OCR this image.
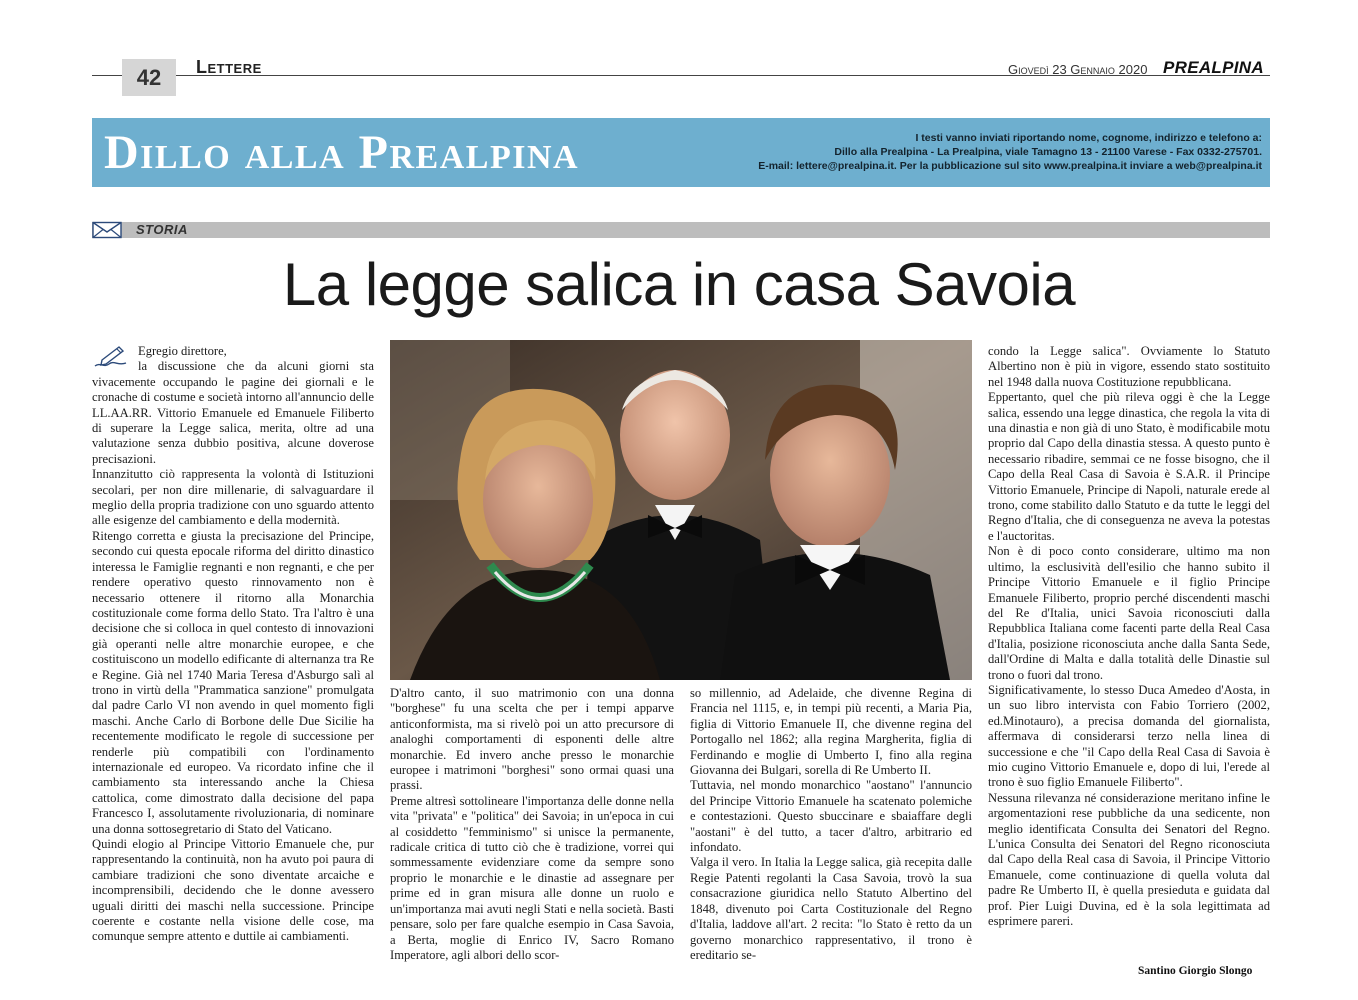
42	Lettere	Giovedì 23 Gennaio 2020 PREALPINA
Dillo alla Prealpina	I testi vanno inviati riportando nome, cognome, indirizzo e telefono a:
Dillo alla Prealpina - La Prealpina, viale Tamagno 13 - 21100 Varese - Fax 0332-275701.
E-mail: lettere@prealpina.it. Per la pubblicazione sul sito www.prealpina.it inviare a web@prealpina.it
STORIA
La legge salica in casa Savoia

Egregio direttore,

la discussione che da alcuni giorni sta vivacemente occupando le pagine dei giornali e le cronache di costume e società intorno all'annuncio delle LL.AA.RR. Vittorio Emanuele ed Emanuele Filiberto di superare la Legge salica, merita, oltre ad una valutazione senza dubbio positiva, alcune doverose precisazioni.

Innanzitutto ciò rappresenta la volontà di Istituzioni secolari, per non dire millenarie, di salvaguardare il meglio della propria tradizione con uno sguardo attento alle esigenze del cambiamento e della modernità.

Ritengo corretta e giusta la precisazione del Principe, secondo cui questa epocale riforma del diritto dinastico interessa le Famiglie regnanti e non regnanti, e che per rendere operativo questo rinnovamento non è necessario ottenere il ritorno alla Monarchia costituzionale come forma dello Stato. Tra l'altro è una decisione che si colloca in quel contesto di innovazioni già operanti nelle altre monarchie europee, e che costituiscono un modello edificante di alternanza tra Re e Regine. Già nel 1740 Maria Teresa d'Asburgo salì al trono in virtù della "Prammatica sanzione" promulgata dal padre Carlo VI non avendo in quel momento figli maschi. Anche Carlo di Borbone delle Due Sicilie ha recentemente modificato le regole di successione per renderle più compatibili con l'ordinamento internazionale ed europeo. Va ricordato infine che il cambiamento sta interessando anche la Chiesa cattolica, come dimostrato dalla decisione del papa Francesco I, assolutamente rivoluzionaria, di nominare una donna sottosegretario di Stato del Vaticano.

Quindi elogio al Principe Vittorio Emanuele che, pur rappresentando la continuità, non ha avuto poi paura di cambiare tradizioni che sono diventate arcaiche e incomprensibili, decidendo che le donne avessero uguali diritti dei maschi nella successione. Principe coerente e costante nella visione delle cose, ma comunque sempre attento e duttile ai cambiamenti.

D'altro canto, il suo matrimonio con una donna "borghese" fu una scelta che per i tempi apparve anticonformista, ma si rivelò poi un atto precursore di analoghi comportamenti di esponenti delle altre monarchie. Ed invero anche presso le monarchie europee i matrimoni "borghesi" sono ormai quasi una prassi.

Preme altresì sottolineare l'importanza delle donne nella vita "privata" e "politica" dei Savoia; in un'epoca in cui al cosiddetto "femminismo" si unisce la permanente, radicale critica di tutto ciò che è tradizione, vorrei qui sommessamente evidenziare come da sempre sono proprio le monarchie e le dinastie ad assegnare per prime ed in gran misura alle donne un ruolo e un'importanza mai avuti negli Stati e nella società. Basti pensare, solo per fare qualche esempio in Casa Savoia, a Berta, moglie di Enrico IV, Sacro Romano Imperatore, agli albori dello scor-

so millennio, ad Adelaide, che divenne Regina di Francia nel 1115, e, in tempi più recenti, a Maria Pia, figlia di Vittorio Emanuele II, che divenne regina del Portogallo nel 1862; alla regina Margherita, figlia di Ferdinando e moglie di Umberto I, fino alla regina Giovanna dei Bulgari, sorella di Re Umberto II.

Tuttavia, nel mondo monarchico "aostano" l'annuncio del Principe Vittorio Emanuele ha scatenato polemiche e contestazioni. Questo sbuccinare e sbaiaffare degli "aostani" è del tutto, a tacer d'altro, arbitrario ed infondato.

Valga il vero. In Italia la Legge salica, già recepita dalle Regie Patenti regolanti la Casa Savoia, trovò la sua consacrazione giuridica nello Statuto Albertino del 1848, divenuto poi Carta Costituzionale del Regno d'Italia, laddove all'art. 2 recita: "lo Stato è retto da un governo monarchico rappresentativo, il trono è ereditario se-

condo la Legge salica". Ovviamente lo Statuto Albertino non è più in vigore, essendo stato sostituito nel 1948 dalla nuova Costituzione repubblicana.

Eppertanto, quel che più rileva oggi è che la Legge salica, essendo una legge dinastica, che regola la vita di una dinastia e non già di uno Stato, è modificabile motu proprio dal Capo della dinastia stessa. A questo punto è necessario ribadire, semmai ce ne fosse bisogno, che il Capo della Real Casa di Savoia è S.A.R. il Principe Vittorio Emanuele, Principe di Napoli, naturale erede al trono, come stabilito dallo Statuto e da tutte le leggi del Regno d'Italia, che di conseguenza ne aveva la potestas e l'auctoritas.

Non è di poco conto considerare, ultimo ma non ultimo, la esclusività dell'esilio che hanno subito il Principe Vittorio Emanuele e il figlio Principe Emanuele Filiberto, proprio perché discendenti maschi del Re d'Italia, unici Savoia riconosciuti dalla Repubblica Italiana come facenti parte della Real Casa d'Italia, posizione riconosciuta anche dalla Santa Sede, dall'Ordine di Malta e dalla totalità delle Dinastie sul trono o fuori dal trono.

Significativamente, lo stesso Duca Amedeo d'Aosta, in un suo libro intervista con Fabio Torriero (2002, ed.Minotauro), a precisa domanda del giornalista, affermava di considerarsi terzo nella linea di successione e che "il Capo della Real Casa di Savoia è mio cugino Vittorio Emanuele e, dopo di lui, l'erede al trono è suo figlio Emanuele Filiberto".

Nessuna rilevanza né considerazione meritano infine le argomentazioni rese pubbliche da una sedicente, non meglio identificata Consulta dei Senatori del Regno. L'unica Consulta dei Senatori del Regno riconosciuta dal Capo della Real casa di Savoia, il Principe Vittorio Emanuele, come continuazione di quella voluta dal padre Re Umberto II, è quella presieduta e guidata dal prof. Pier Luigi Duvina, ed è la sola legittimata ad esprimere pareri.

Santino Giorgio Slongo
